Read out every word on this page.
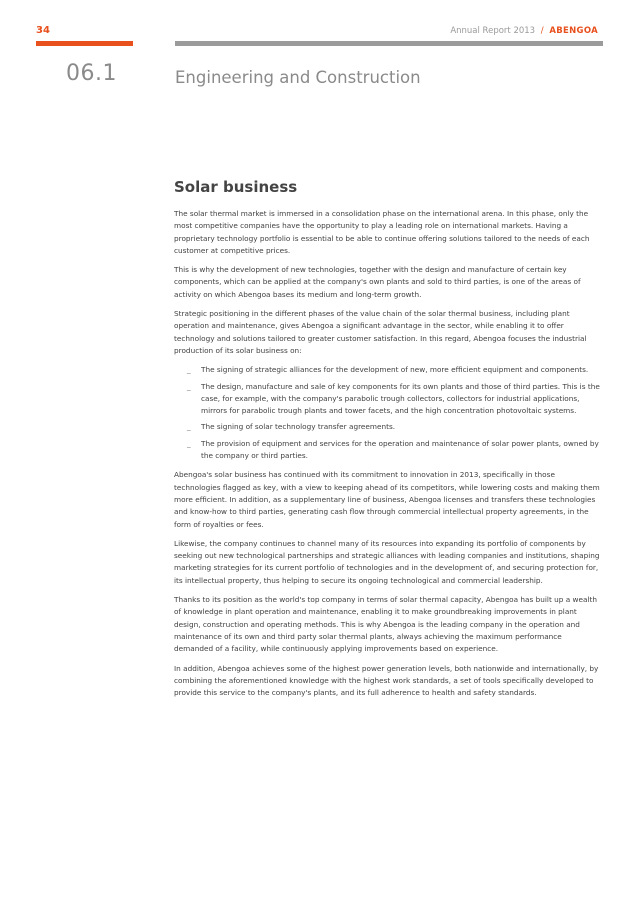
34	Annual Report 2013 / ABENGOA
06.1	Engineering and Construction
Solar business

The solar thermal market is immersed in a consolidation phase on the international arena. In this phase, only the most competitive companies have the opportunity to play a leading role on international markets. Having a proprietary technology portfolio is essential to be able to continue offering solutions tailored to the needs of each customer at competitive prices.

This is why the development of new technologies, together with the design and manufacture of certain key components, which can be applied at the company's own plants and sold to third parties, is one of the areas of activity on which Abengoa bases its medium and long-term growth.

Strategic positioning in the different phases of the value chain of the solar thermal business, including plant operation and maintenance, gives Abengoa a significant advantage in the sector, while enabling it to offer technology and solutions tailored to greater customer satisfaction. In this regard, Abengoa focuses the industrial production of its solar business on:

_ The signing of strategic alliances for the development of new, more efficient equipment and components.
_ The design, manufacture and sale of key components for its own plants and those of third parties. This is the case, for example, with the company's parabolic trough collectors, collectors for industrial applications, mirrors for parabolic trough plants and tower facets, and the high concentration photovoltaic systems.
_ The signing of solar technology transfer agreements.
_ The provision of equipment and services for the operation and maintenance of solar power plants, owned by the company or third parties.

Abengoa's solar business has continued with its commitment to innovation in 2013, specifically in those technologies flagged as key, with a view to keeping ahead of its competitors, while lowering costs and making them more efficient. In addition, as a supplementary line of business, Abengoa licenses and transfers these technologies and know-how to third parties, generating cash flow through commercial intellectual property agreements, in the form of royalties or fees.

Likewise, the company continues to channel many of its resources into expanding its portfolio of components by seeking out new technological partnerships and strategic alliances with leading companies and institutions, shaping marketing strategies for its current portfolio of technologies and in the development of, and securing protection for, its intellectual property, thus helping to secure its ongoing technological and commercial leadership.

Thanks to its position as the world's top company in terms of solar thermal capacity, Abengoa has built up a wealth of knowledge in plant operation and maintenance, enabling it to make groundbreaking improvements in plant design, construction and operating methods. This is why Abengoa is the leading company in the operation and maintenance of its own and third party solar thermal plants, always achieving the maximum performance demanded of a facility, while continuously applying improvements based on experience.

In addition, Abengoa achieves some of the highest power generation levels, both nationwide and internationally, by combining the aforementioned knowledge with the highest work standards, a set of tools specifically developed to provide this service to the company's plants, and its full adherence to health and safety standards.
